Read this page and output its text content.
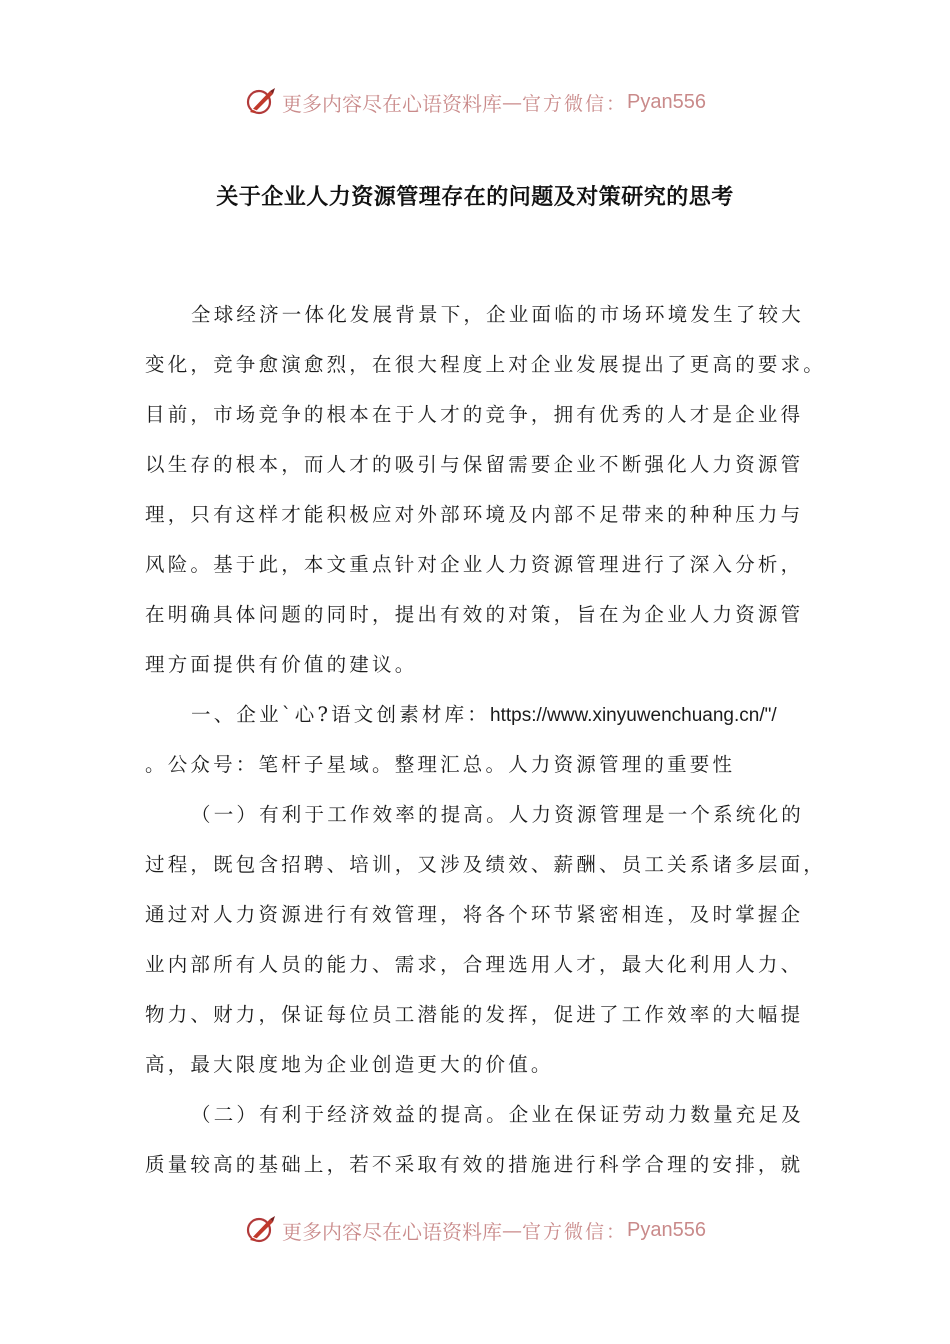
更多内容尽在心语资料库 — 官方微信： Pyan556
关于企业人力资源管理存在的问题及对策研究的思考
全球经济一体化发展背景下，企业面临的市场环境发生了较大
变化，竞争愈演愈烈，在很大程度上对企业发展提出了更高的要求。
目前，市场竞争的根本在于人才的竞争，拥有优秀的人才是企业得
以生存的根本，而人才的吸引与保留需要企业不断强化人力资源管
理，只有这样才能积极应对外部环境及内部不足带来的种种压力与
风险。基于此，本文重点针对企业人力资源管理进行了深入分析，
在明确具体问题的同时，提出有效的对策，旨在为企业人力资源管
理方面提供有价值的建议。
一、企业`心?语文创素材库：https://www.xinyuwenchuang.cn/"/
。公众号：笔杆子星域。整理汇总。人力资源管理的重要性
（一）有利于工作效率的提高。人力资源管理是一个系统化的
过程，既包含招聘、培训，又涉及绩效、薪酬、员工关系诸多层面，
通过对人力资源进行有效管理，将各个环节紧密相连，及时掌握企
业内部所有人员的能力、需求，合理选用人才，最大化利用人力、
物力、财力，保证每位员工潜能的发挥，促进了工作效率的大幅提
高，最大限度地为企业创造更大的价值。
（二）有利于经济效益的提高。企业在保证劳动力数量充足及
质量较高的基础上，若不采取有效的措施进行科学合理的安排，就
更多内容尽在心语资料库 — 官方微信： Pyan556
